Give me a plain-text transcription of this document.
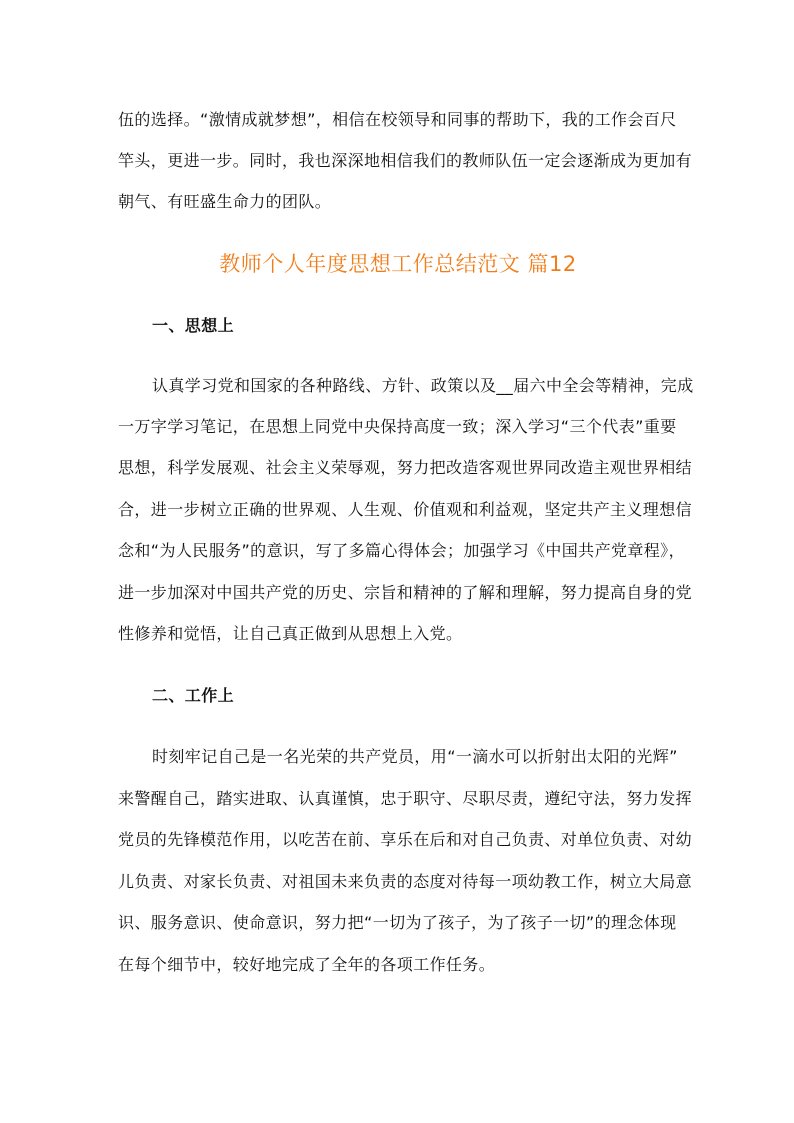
伍的选择。“激情成就梦想”，相信在校领导和同事的帮助下，我的工作会百尺
竿头，更进一步。同时，我也深深地相信我们的教师队伍一定会逐渐成为更加有
朝气、有旺盛生命力的团队。
教师个人年度思想工作总结范文 篇12
一、思想上
认真学习党和国家的各种路线、方针、政策以及__届六中全会等精神，完成
一万字学习笔记，在思想上同党中央保持高度一致；深入学习“三个代表”重要
思想，科学发展观、社会主义荣辱观，努力把改造客观世界同改造主观世界相结
合，进一步树立正确的世界观、人生观、价值观和利益观，坚定共产主义理想信
念和“为人民服务”的意识，写了多篇心得体会；加强学习《中国共产党章程》，
进一步加深对中国共产党的历史、宗旨和精神的了解和理解，努力提高自身的党
性修养和觉悟，让自己真正做到从思想上入党。
二、工作上
时刻牢记自己是一名光荣的共产党员，用“一滴水可以折射出太阳的光辉”
来警醒自己，踏实进取、认真谨慎，忠于职守、尽职尽责，遵纪守法，努力发挥
党员的先锋模范作用，以吃苦在前、享乐在后和对自己负责、对单位负责、对幼
儿负责、对家长负责、对祖国未来负责的态度对待每一项幼教工作，树立大局意
识、服务意识、使命意识，努力把“一切为了孩子，为了孩子一切”的理念体现
在每个细节中，较好地完成了全年的各项工作任务。
